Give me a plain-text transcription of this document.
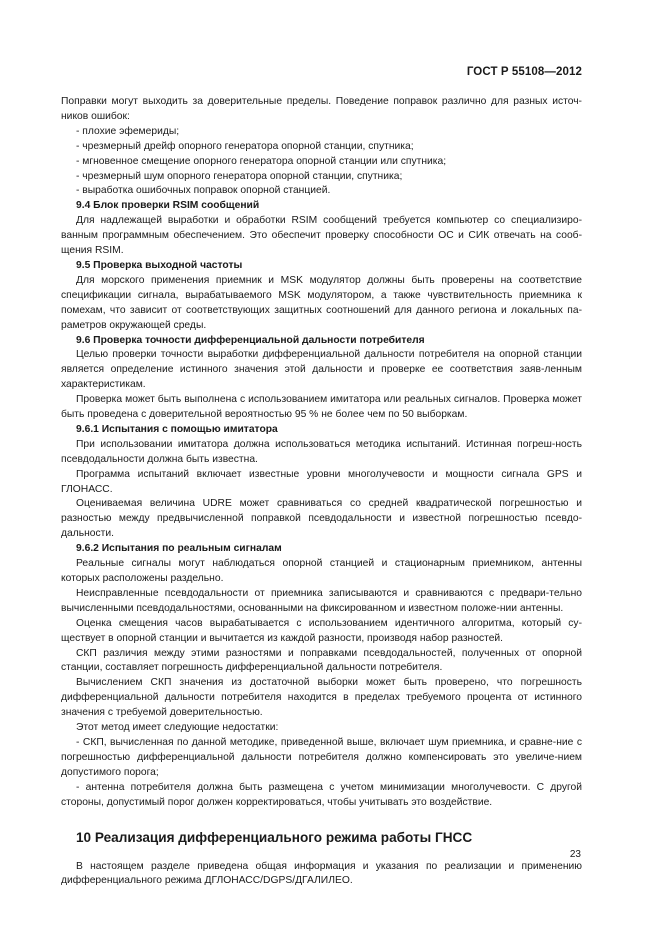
ГОСТ Р 55108—2012

Поправки могут выходить за доверительные пределы. Поведение поправок различно для разных источ-ников ошибок:

- плохие эфемериды;

- чрезмерный дрейф опорного генератора опорной станции, спутника;

- мгновенное смещение опорного генератора опорной станции или спутника;

- чрезмерный шум опорного генератора опорной станции, спутника;

- выработка ошибочных поправок опорной станцией.

9.4 Блок проверки RSIM сообщений

Для надлежащей выработки и обработки RSIM сообщений требуется компьютер со специализиро-ванным программным обеспечением. Это обеспечит проверку способности ОС и СИК отвечать на сооб-щения RSIM.

9.5 Проверка выходной частоты

Для морского применения приемник и MSK модулятор должны быть проверены на соответствие спецификации сигнала, вырабатываемого MSK модулятором, а также чувствительность приемника к помехам, что зависит от соответствующих защитных соотношений для данного региона и локальных па-раметров окружающей среды.

9.6 Проверка точности дифференциальной дальности потребителя

Целью проверки точности выработки дифференциальной дальности потребителя на опорной станции является определение истинного значения этой дальности и проверке ее соответствия заяв-ленным характеристикам.

Проверка может быть выполнена с использованием имитатора или реальных сигналов. Проверка может быть проведена с доверительной вероятностью 95 % не более чем по 50 выборкам.

9.6.1 Испытания с помощью имитатора

При использовании имитатора должна использоваться методика испытаний. Истинная погреш-ность псевдодальности должна быть известна.

Программа испытаний включает известные уровни многолучевости и мощности сигнала GPS и ГЛОНАСС.

Оцениваемая величина UDRE может сравниваться со средней квадратической погрешностью и разностью между предвычисленной поправкой псевдодальности и известной погрешностью псевдо-дальности.

9.6.2 Испытания по реальным сигналам

Реальные сигналы могут наблюдаться опорной станцией и стационарным приемником, антенны которых расположены раздельно.

Неисправленные псевдодальности от приемника записываются и сравниваются с предвари-тельно вычисленными псевдодальностями, основанными на фиксированном и известном положе-нии антенны.

Оценка смещения часов вырабатывается с использованием идентичного алгоритма, который су-ществует в опорной станции и вычитается из каждой разности, производя набор разностей.

СКП различия между этими разностями и поправками псевдодальностей, полученных от опорной станции, составляет погрешность дифференциальной дальности потребителя.

Вычислением СКП значения из достаточной выборки может быть проверено, что погрешность дифференциальной дальности потребителя находится в пределах требуемого процента от истинного значения с требуемой доверительностью.

Этот метод имеет следующие недостатки:

- СКП, вычисленная по данной методике, приведенной выше, включает шум приемника, и сравне-ние с погрешностью дифференциальной дальности потребителя должно компенсировать это увеличе-нием допустимого порога;

- антенна потребителя должна быть размещена с учетом минимизации многолучевости. С другой стороны, допустимый порог должен корректироваться, чтобы учитывать это воздействие.

10 Реализация дифференциального режима работы ГНСС

В настоящем разделе приведена общая информация и указания по реализации и применению дифференциального режима ДГЛОНАСС/DGPS/ДГАЛИЛЕО.

23
